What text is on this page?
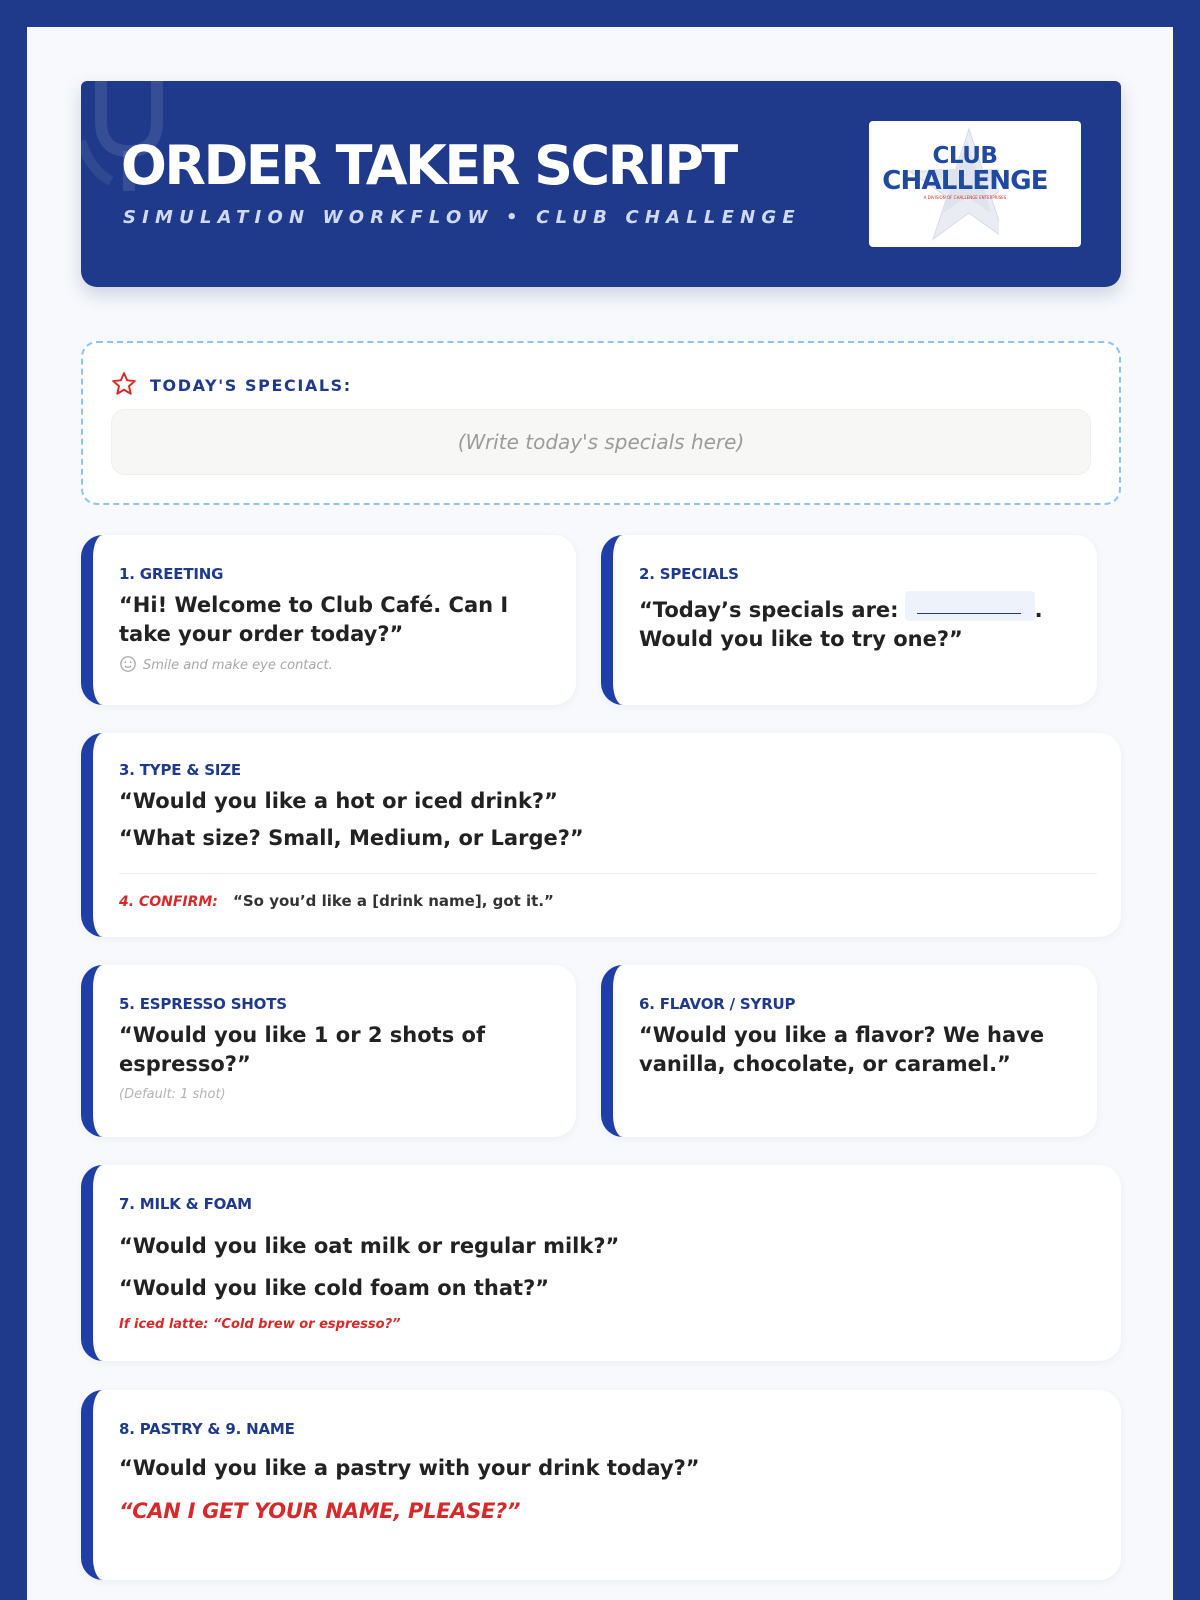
ORDER TAKER SCRIPT
SIMULATION WORKFLOW • CLUB CHALLENGE
CLUB
CHALLENGE
A DIVISION OF CHALLENGE ENTERPRISES
TODAY'S SPECIALS:
(Write today's specials here)
1. GREETING
“Hi! Welcome to Club Café. Can I take your order today?”
Smile and make eye contact.
2. SPECIALS
“Today’s specials are:	.
Would you like to try one?”
3. TYPE & SIZE
“Would you like a hot or iced drink?”
“What size? Small, Medium, or Large?”
4. CONFIRM: “So you’d like a [drink name], got it.”
5. ESPRESSO SHOTS
“Would you like 1 or 2 shots of espresso?”
(Default: 1 shot)
6. FLAVOR / SYRUP
“Would you like a flavor? We have vanilla, chocolate, or caramel.”
7. MILK & FOAM
“Would you like oat milk or regular milk?”
“Would you like cold foam on that?”
If iced latte: “Cold brew or espresso?”
8. PASTRY & 9. NAME
“Would you like a pastry with your drink today?”
“CAN I GET YOUR NAME, PLEASE?”
